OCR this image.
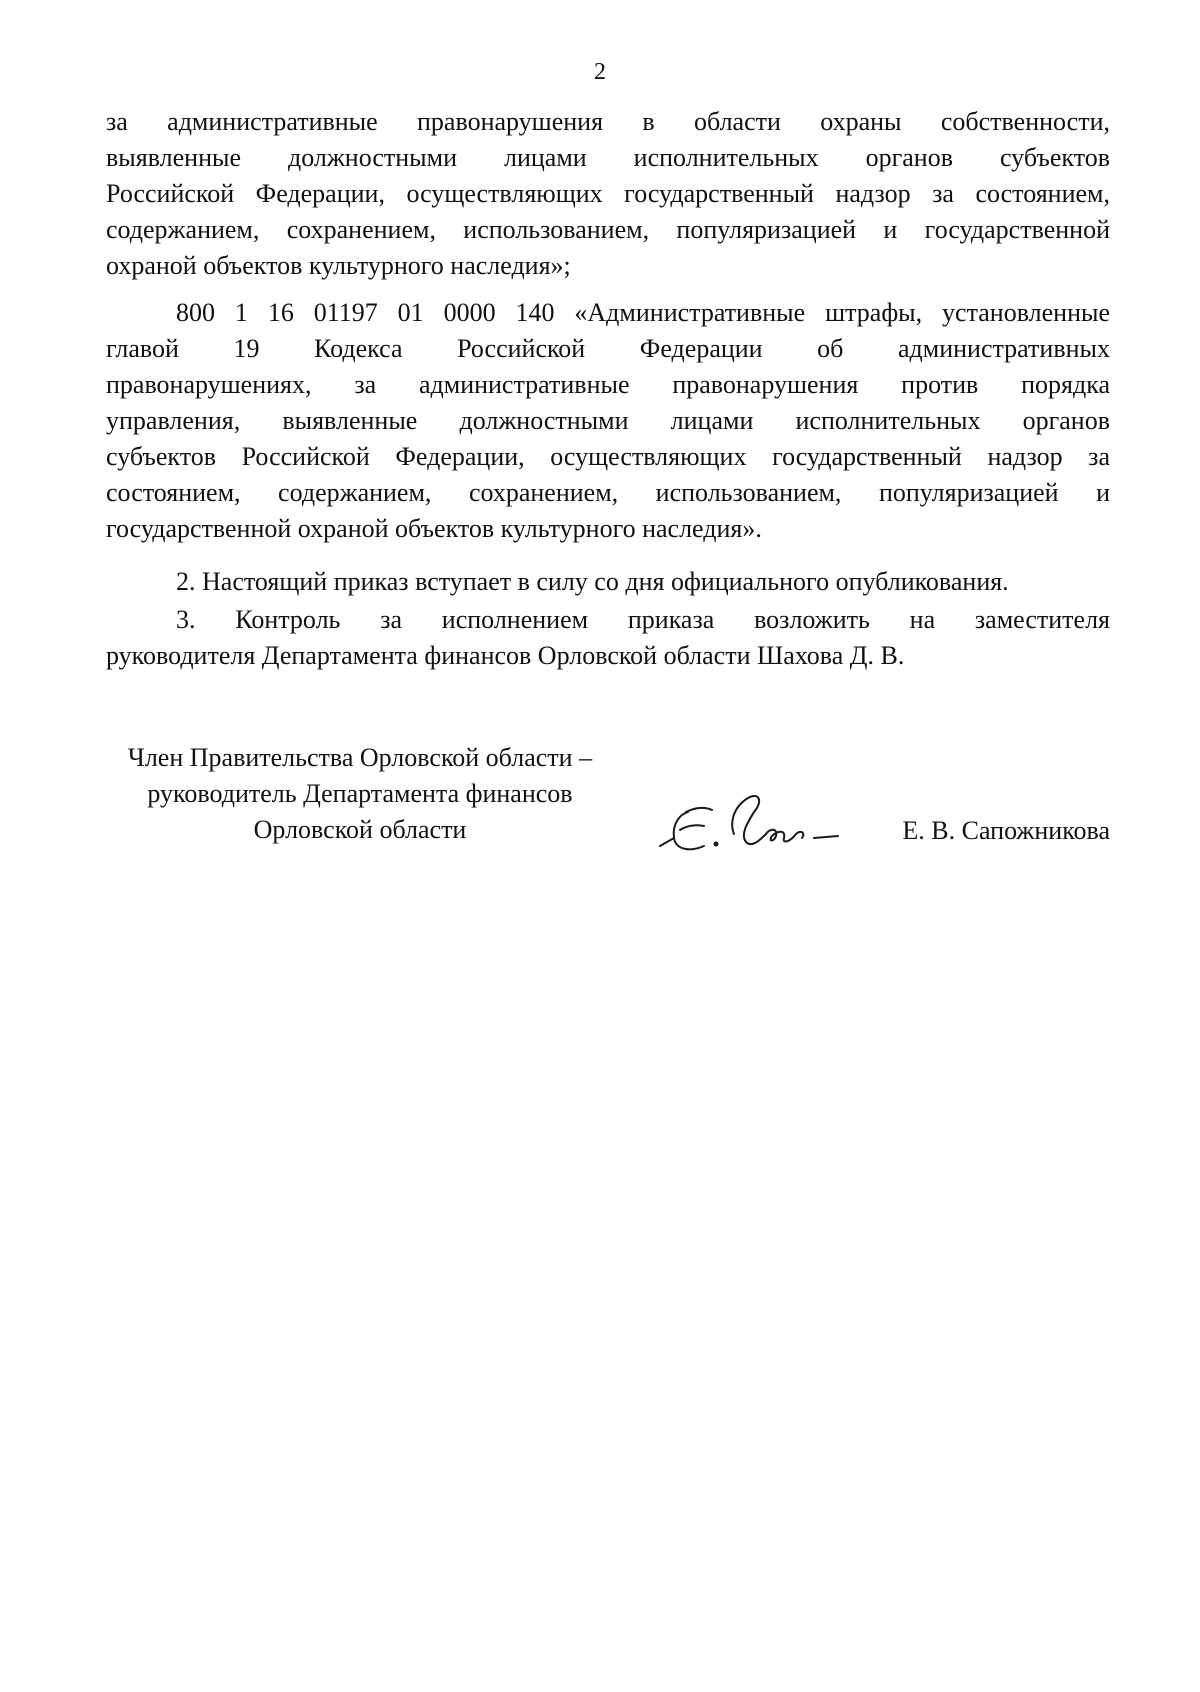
2
за административные правонарушения в области охраны собственности,
выявленные должностными лицами исполнительных органов субъектов
Российской Федерации, осуществляющих государственный надзор за состоянием,
содержанием, сохранением, использованием, популяризацией и государственной
охраной объектов культурного наследия»;
800 1 16 01197 01 0000 140 «Административные штрафы, установленные
главой 19 Кодекса Российской Федерации об административных
правонарушениях, за административные правонарушения против порядка
управления, выявленные должностными лицами исполнительных органов
субъектов Российской Федерации, осуществляющих государственный надзор за
состоянием, содержанием, сохранением, использованием, популяризацией и
государственной охраной объектов культурного наследия».
2. Настоящий приказ вступает в силу со дня официального опубликования.
3. Контроль за исполнением приказа возложить на заместителя
руководителя Департамента финансов Орловской области Шахова Д. В.
Член Правительства Орловской области –
руководитель Департамента финансов
Орловской области	Е. В. Сапожникова
